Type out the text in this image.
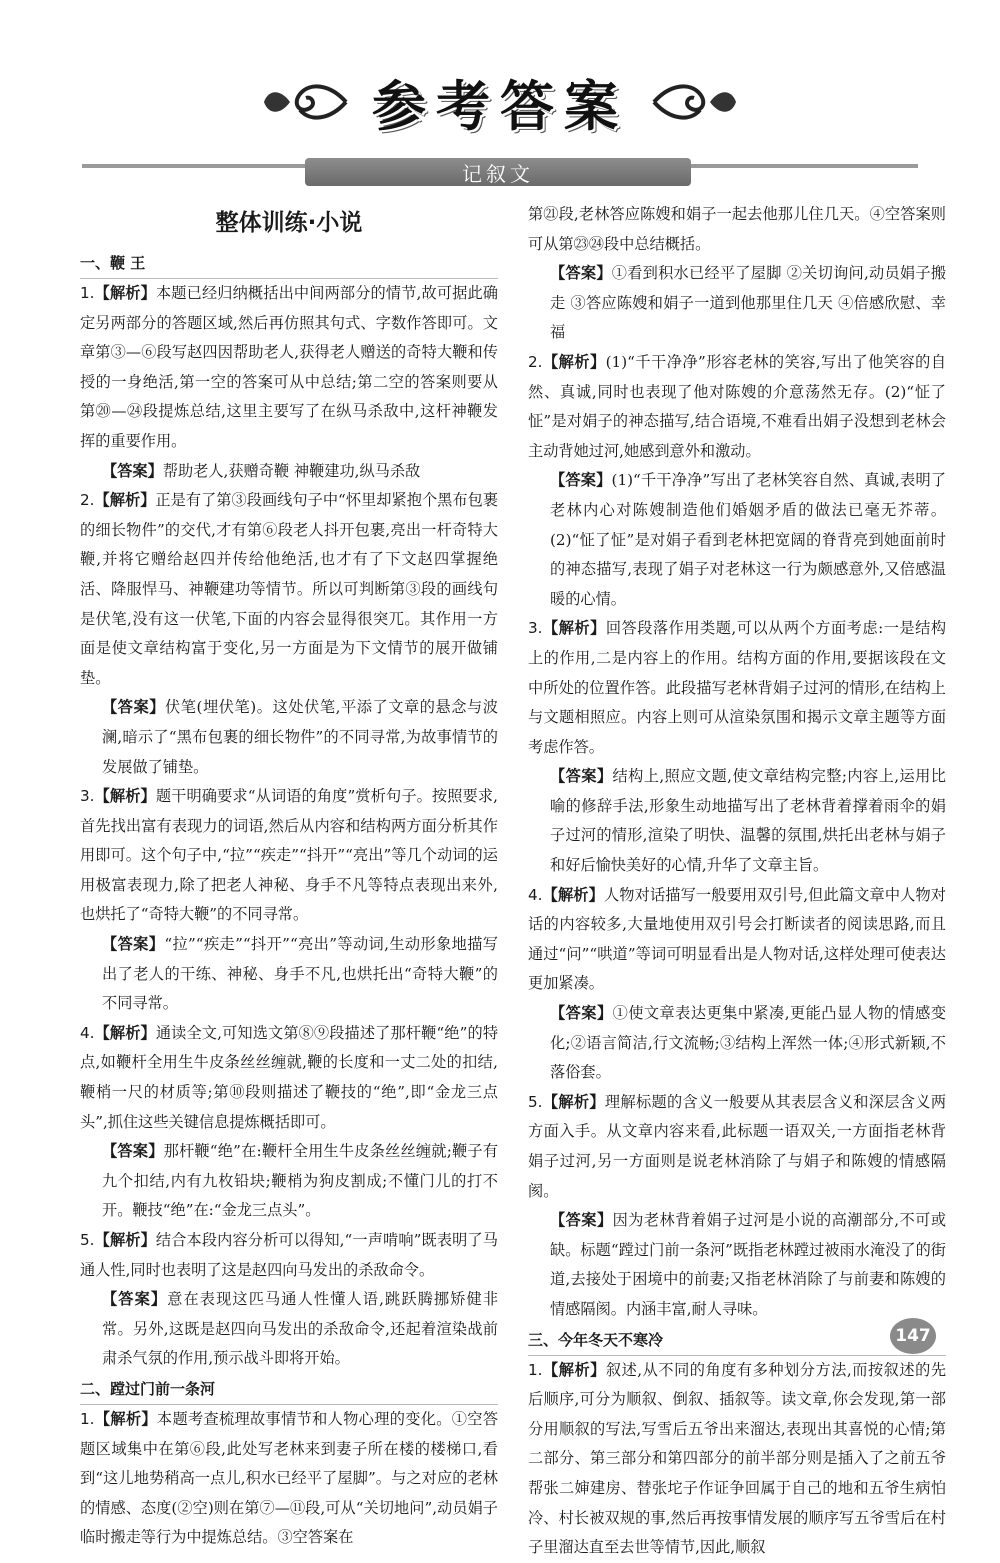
参考答案
记叙文
整体训练·小说
一、鞭 王

1.【解析】本题已经归纳概括出中间两部分的情节,故可据此确定另两部分的答题区域,然后再仿照其句式、字数作答即可。文章第③—⑥段写赵四因帮助老人,获得老人赠送的奇特大鞭和传授的一身绝活,第一空的答案可从中总结;第二空的答案则要从第⑳—㉔段提炼总结,这里主要写了在纵马杀敌中,这杆神鞭发挥的重要作用。

【答案】帮助老人,获赠奇鞭 神鞭建功,纵马杀敌

2.【解析】正是有了第③段画线句子中“怀里却紧抱个黑布包裹的细长物件”的交代,才有第⑥段老人抖开包裹,亮出一杆奇特大鞭,并将它赠给赵四并传给他绝活,也才有了下文赵四掌握绝活、降服悍马、神鞭建功等情节。所以可判断第③段的画线句是伏笔,没有这一伏笔,下面的内容会显得很突兀。其作用一方面是使文章结构富于变化,另一方面是为下文情节的展开做铺垫。

【答案】伏笔(埋伏笔)。这处伏笔,平添了文章的悬念与波澜,暗示了“黑布包裹的细长物件”的不同寻常,为故事情节的发展做了铺垫。

3.【解析】题干明确要求“从词语的角度”赏析句子。按照要求,首先找出富有表现力的词语,然后从内容和结构两方面分析其作用即可。这个句子中,“拉”“疾走”“抖开”“亮出”等几个动词的运用极富表现力,除了把老人神秘、身手不凡等特点表现出来外,也烘托了“奇特大鞭”的不同寻常。

【答案】“拉”“疾走”“抖开”“亮出”等动词,生动形象地描写出了老人的干练、神秘、身手不凡,也烘托出“奇特大鞭”的不同寻常。

4.【解析】通读全文,可知选文第⑧⑨段描述了那杆鞭“绝”的特点,如鞭杆全用生牛皮条丝丝缠就,鞭的长度和一丈二处的扣结,鞭梢一尺的材质等;第⑩段则描述了鞭技的“绝”,即“金龙三点头”,抓住这些关键信息提炼概括即可。

【答案】那杆鞭“绝”在:鞭杆全用生牛皮条丝丝缠就;鞭子有九个扣结,内有九枚铅块;鞭梢为狗皮割成;不懂门儿的打不开。鞭技“绝”在:“金龙三点头”。

5.【解析】结合本段内容分析可以得知,“一声啃响”既表明了马通人性,同时也表明了这是赵四向马发出的杀敌命令。

【答案】意在表现这匹马通人性懂人语,跳跃腾挪矫健非常。另外,这既是赵四向马发出的杀敌命令,还起着渲染战前肃杀气氛的作用,预示战斗即将开始。

二、蹚过门前一条河

1.【解析】本题考查梳理故事情节和人物心理的变化。①空答题区域集中在第⑥段,此处写老林来到妻子所在楼的楼梯口,看到“这儿地势稍高一点儿,积水已经平了屋脚”。与之对应的老林的情感、态度(②空)则在第⑦—⑪段,可从“关切地问”,动员娟子临时搬走等行为中提炼总结。③空答案在

第㉑段,老林答应陈嫂和娟子一起去他那儿住几天。④空答案则可从第㉓㉔段中总结概括。

【答案】①看到积水已经平了屋脚 ②关切询问,动员娟子搬走 ③答应陈嫂和娟子一道到他那里住几天 ④倍感欣慰、幸福

2.【解析】(1)“千干净净”形容老林的笑容,写出了他笑容的自然、真诚,同时也表现了他对陈嫂的介意荡然无存。(2)“怔了怔”是对娟子的神态描写,结合语境,不难看出娟子没想到老林会主动背她过河,她感到意外和激动。

【答案】(1)“千干净净”写出了老林笑容自然、真诚,表明了老林内心对陈嫂制造他们婚姻矛盾的做法已毫无芥蒂。(2)“怔了怔”是对娟子看到老林把宽阔的脊背亮到她面前时的神态描写,表现了娟子对老林这一行为颇感意外,又倍感温暖的心情。

3.【解析】回答段落作用类题,可以从两个方面考虑:一是结构上的作用,二是内容上的作用。结构方面的作用,要据该段在文中所处的位置作答。此段描写老林背娟子过河的情形,在结构上与文题相照应。内容上则可从渲染氛围和揭示文章主题等方面考虑作答。

【答案】结构上,照应文题,使文章结构完整;内容上,运用比喻的修辞手法,形象生动地描写出了老林背着撑着雨伞的娟子过河的情形,渲染了明快、温馨的氛围,烘托出老林与娟子和好后愉快美好的心情,升华了文章主旨。

4.【解析】人物对话描写一般要用双引号,但此篇文章中人物对话的内容较多,大量地使用双引号会打断读者的阅读思路,而且通过“问”“哄道”等词可明显看出是人物对话,这样处理可使表达更加紧凑。

【答案】①使文章表达更集中紧凑,更能凸显人物的情感变化;②语言简洁,行文流畅;③结构上浑然一体;④形式新颖,不落俗套。

5.【解析】理解标题的含义一般要从其表层含义和深层含义两方面入手。从文章内容来看,此标题一语双关,一方面指老林背娟子过河,另一方面则是说老林消除了与娟子和陈嫂的情感隔阂。

【答案】因为老林背着娟子过河是小说的高潮部分,不可或缺。标题“蹚过门前一条河”既指老林蹚过被雨水淹没了的街道,去接处于困境中的前妻;又指老林消除了与前妻和陈嫂的情感隔阂。内涵丰富,耐人寻味。

三、今年冬天不寒冷

1.【解析】叙述,从不同的角度有多种划分方法,而按叙述的先后顺序,可分为顺叙、倒叙、插叙等。读文章,你会发现,第一部分用顺叙的写法,写雪后五爷出来溜达,表现出其喜悦的心情;第二部分、第三部分和第四部分的前半部分则是插入了之前五爷帮张二婶建房、替张坨子作证争回属于自己的地和五爷生病怕冷、村长被双规的事,然后再按事情发展的顺序写五爷雪后在村子里溜达直至去世等情节,因此,顺叙

147
